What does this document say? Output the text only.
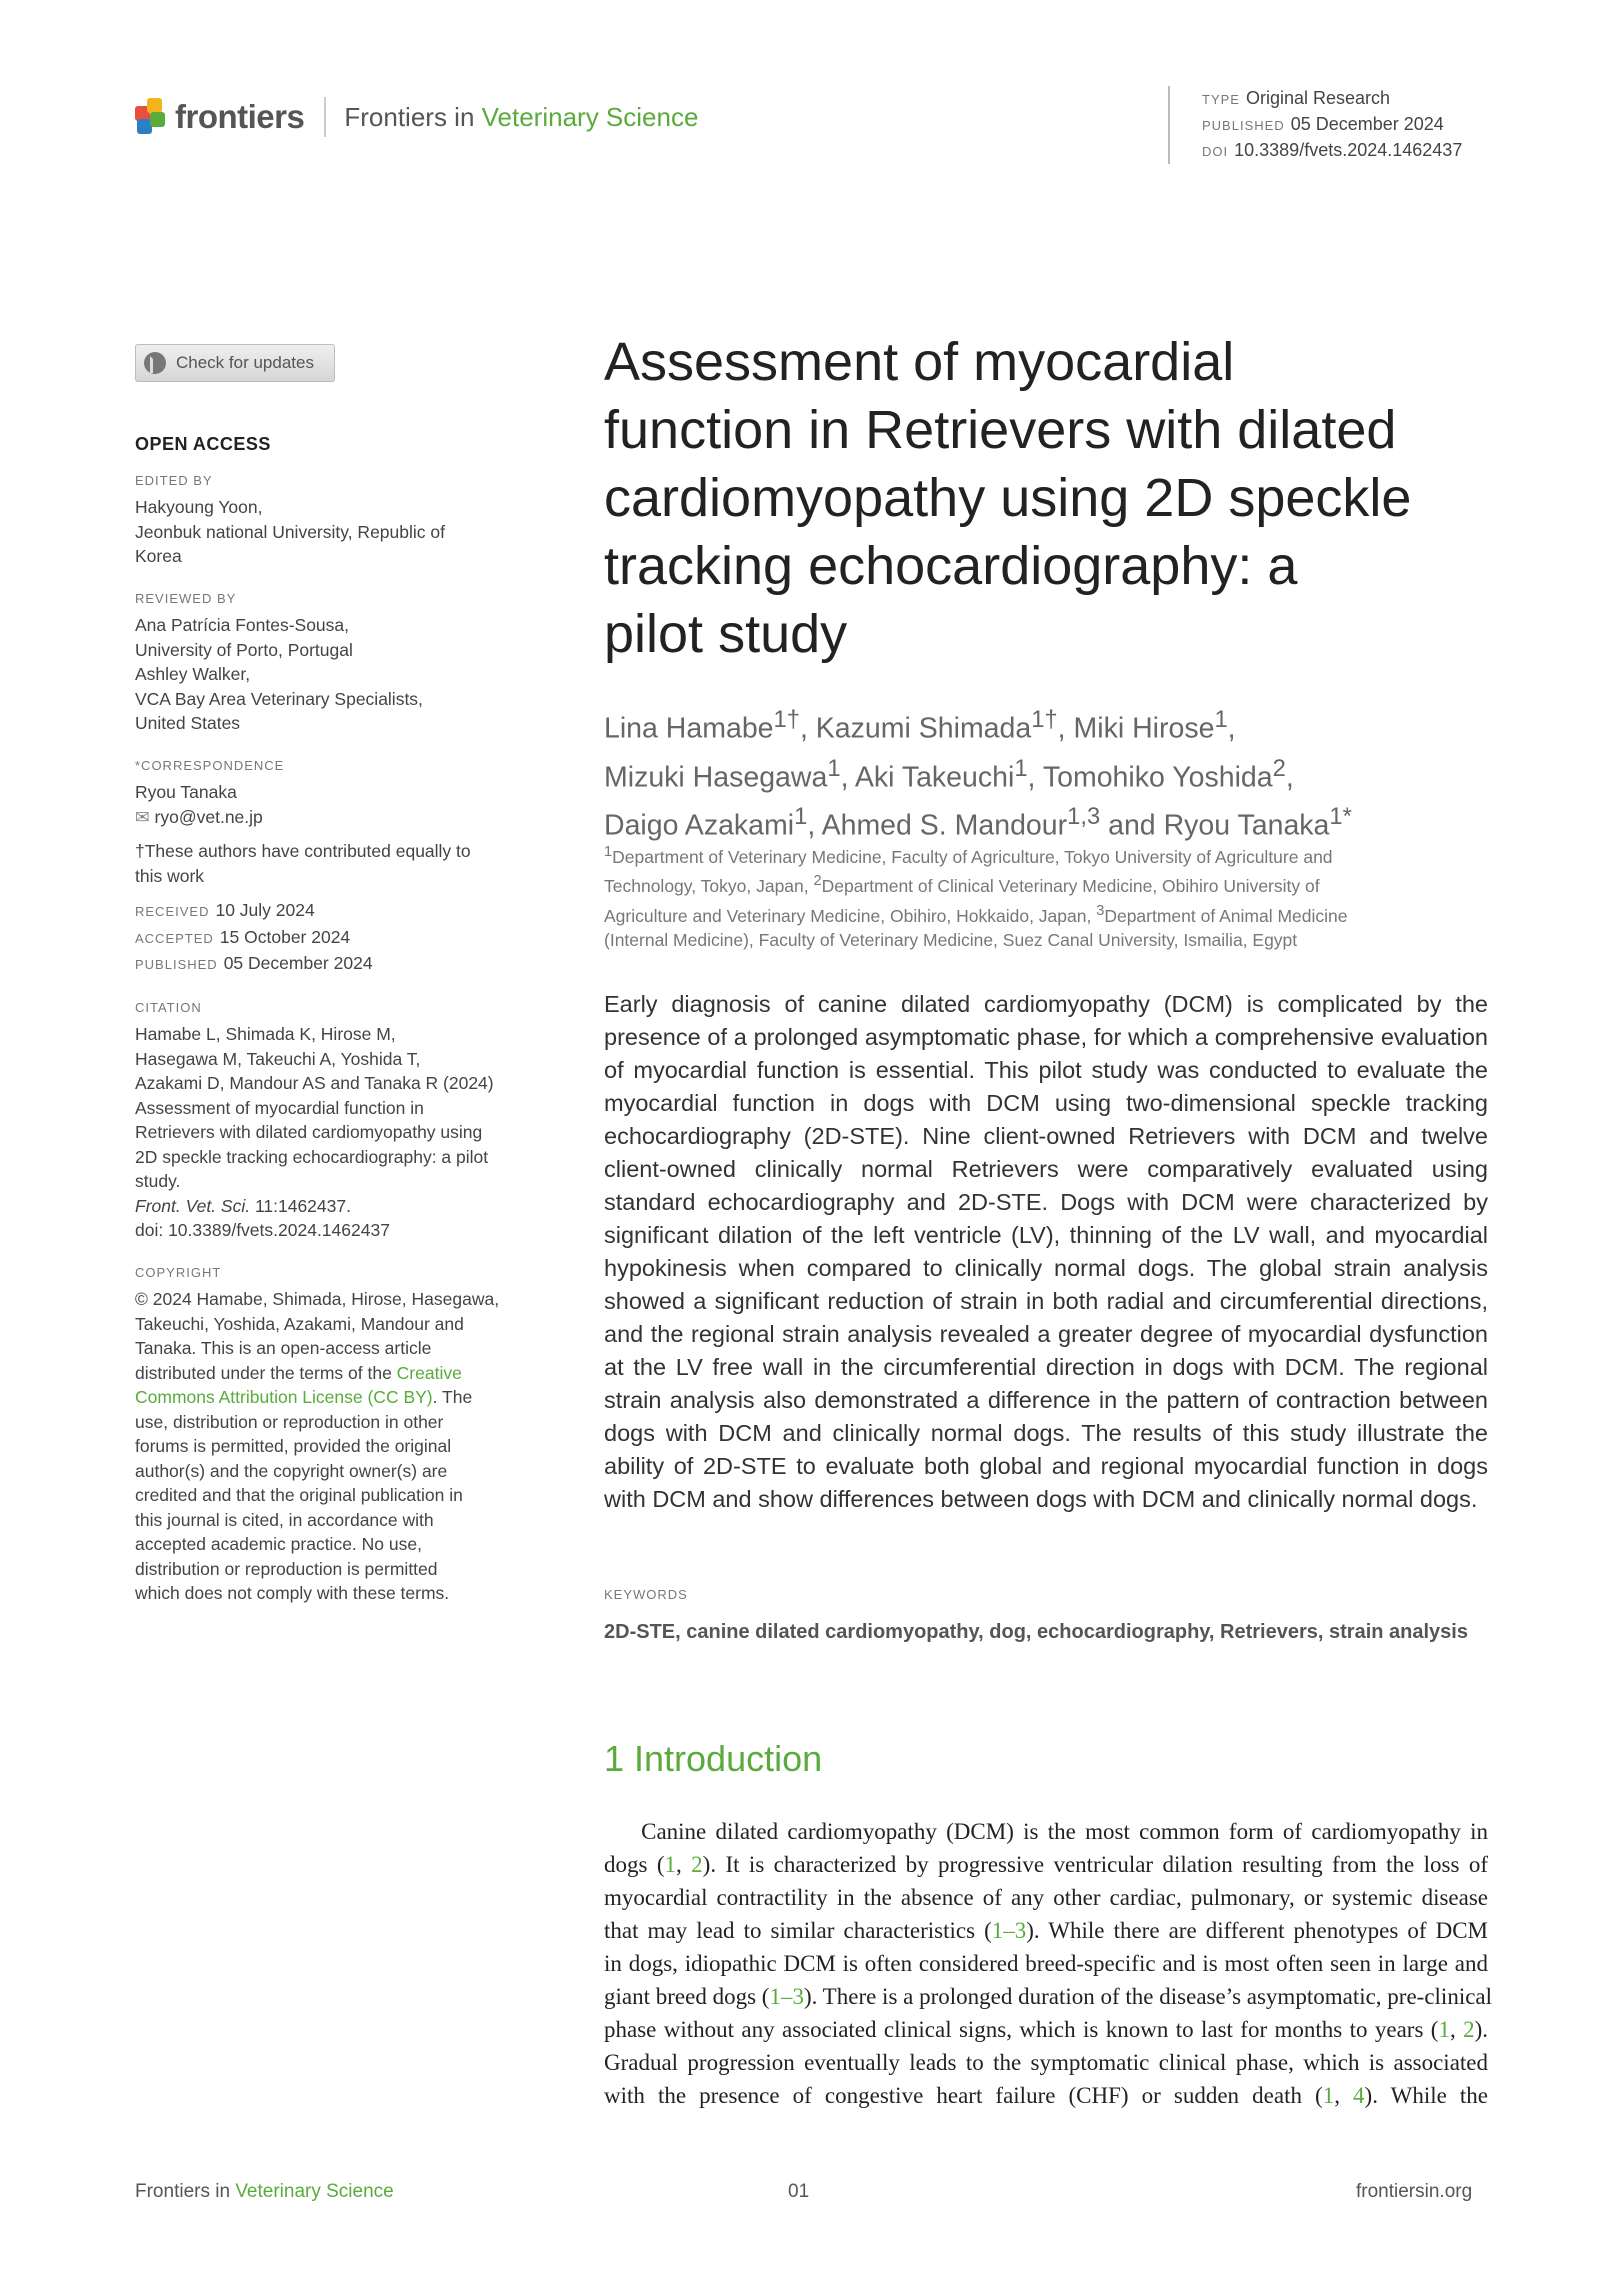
frontiers Frontiers in Veterinary Science
TYPE Original Research
PUBLISHED 05 December 2024
DOI 10.3389/fvets.2024.1462437
Check for updates
OPEN ACCESS
EDITED BY
Hakyoung Yoon,
Jeonbuk national University, Republic of
Korea
REVIEWED BY
Ana Patrícia Fontes-Sousa,
University of Porto, Portugal
Ashley Walker,
VCA Bay Area Veterinary Specialists,
United States
*CORRESPONDENCE
Ryou Tanaka
✉ ryo@vet.ne.jp
†These authors have contributed equally to
this work
RECEIVED 10 July 2024
ACCEPTED 15 October 2024
PUBLISHED 05 December 2024
CITATION
Hamabe L, Shimada K, Hirose M,
Hasegawa M, Takeuchi A, Yoshida T,
Azakami D, Mandour AS and Tanaka R (2024)
Assessment of myocardial function in
Retrievers with dilated cardiomyopathy using
2D speckle tracking echocardiography: a pilot
study.
Front. Vet. Sci. 11:1462437.
doi: 10.3389/fvets.2024.1462437
COPYRIGHT
© 2024 Hamabe, Shimada, Hirose, Hasegawa,
Takeuchi, Yoshida, Azakami, Mandour and
Tanaka. This is an open-access article
distributed under the terms of the Creative
Commons Attribution License (CC BY). The
use, distribution or reproduction in other
forums is permitted, provided the original
author(s) and the copyright owner(s) are
credited and that the original publication in
this journal is cited, in accordance with
accepted academic practice. No use,
distribution or reproduction is permitted
which does not comply with these terms.
Assessment of myocardial
function in Retrievers with dilated
cardiomyopathy using 2D speckle
tracking echocardiography: a
pilot study
Lina Hamabe$^{1\dagger}$, Kazumi Shimada$^{1\dagger}$, Miki Hirose$^1$,
Mizuki Hasegawa$^1$, Aki Takeuchi$^1$, Tomohiko Yoshida$^2$,
Daigo Azakami$^1$, Ahmed S. Mandour$^{1,3}$ and Ryou Tanaka$^{1*}$
$^1$Department of Veterinary Medicine, Faculty of Agriculture, Tokyo University of Agriculture and
Technology, Tokyo, Japan, $^2$Department of Clinical Veterinary Medicine, Obihiro University of
Agriculture and Veterinary Medicine, Obihiro, Hokkaido, Japan, $^3$Department of Animal Medicine
(Internal Medicine), Faculty of Veterinary Medicine, Suez Canal University, Ismailia, Egypt
Early diagnosis of canine dilated cardiomyopathy (DCM) is complicated by the presence of a prolonged asymptomatic phase, for which a comprehensive evaluation of myocardial function is essential. This pilot study was conducted to evaluate the myocardial function in dogs with DCM using two-dimensional speckle tracking echocardiography (2D-STE). Nine client-owned Retrievers with DCM and twelve client-owned clinically normal Retrievers were comparatively evaluated using standard echocardiography and 2D-STE. Dogs with DCM were characterized by significant dilation of the left ventricle (LV), thinning of the LV wall, and myocardial hypokinesis when compared to clinically normal dogs. The global strain analysis showed a significant reduction of strain in both radial and circumferential directions, and the regional strain analysis revealed a greater degree of myocardial dysfunction at the LV free wall in the circumferential direction in dogs with DCM. The regional strain analysis also demonstrated a difference in the pattern of contraction between dogs with DCM and clinically normal dogs. The results of this study illustrate the ability of 2D-STE to evaluate both global and regional myocardial function in dogs with DCM and show differences between dogs with DCM and clinically normal dogs.
KEYWORDS
2D-STE, canine dilated cardiomyopathy, dog, echocardiography, Retrievers, strain analysis
1 Introduction
Canine dilated cardiomyopathy (DCM) is the most common form of cardiomyopathy in
dogs (1, 2). It is characterized by progressive ventricular dilation resulting from the loss of
myocardial contractility in the absence of any other cardiac, pulmonary, or systemic disease
that may lead to similar characteristics (1–3). While there are different phenotypes of DCM
in dogs, idiopathic DCM is often considered breed-specific and is most often seen in large and
giant breed dogs (1–3). There is a prolonged duration of the disease’s asymptomatic, pre-clinical
phase without any associated clinical signs, which is known to last for months to years (1, 2).
Gradual progression eventually leads to the symptomatic clinical phase, which is associated
with the presence of congestive heart failure (CHF) or sudden death (1, 4). While the
Frontiers in Veterinary Science	01	frontiersin.org
